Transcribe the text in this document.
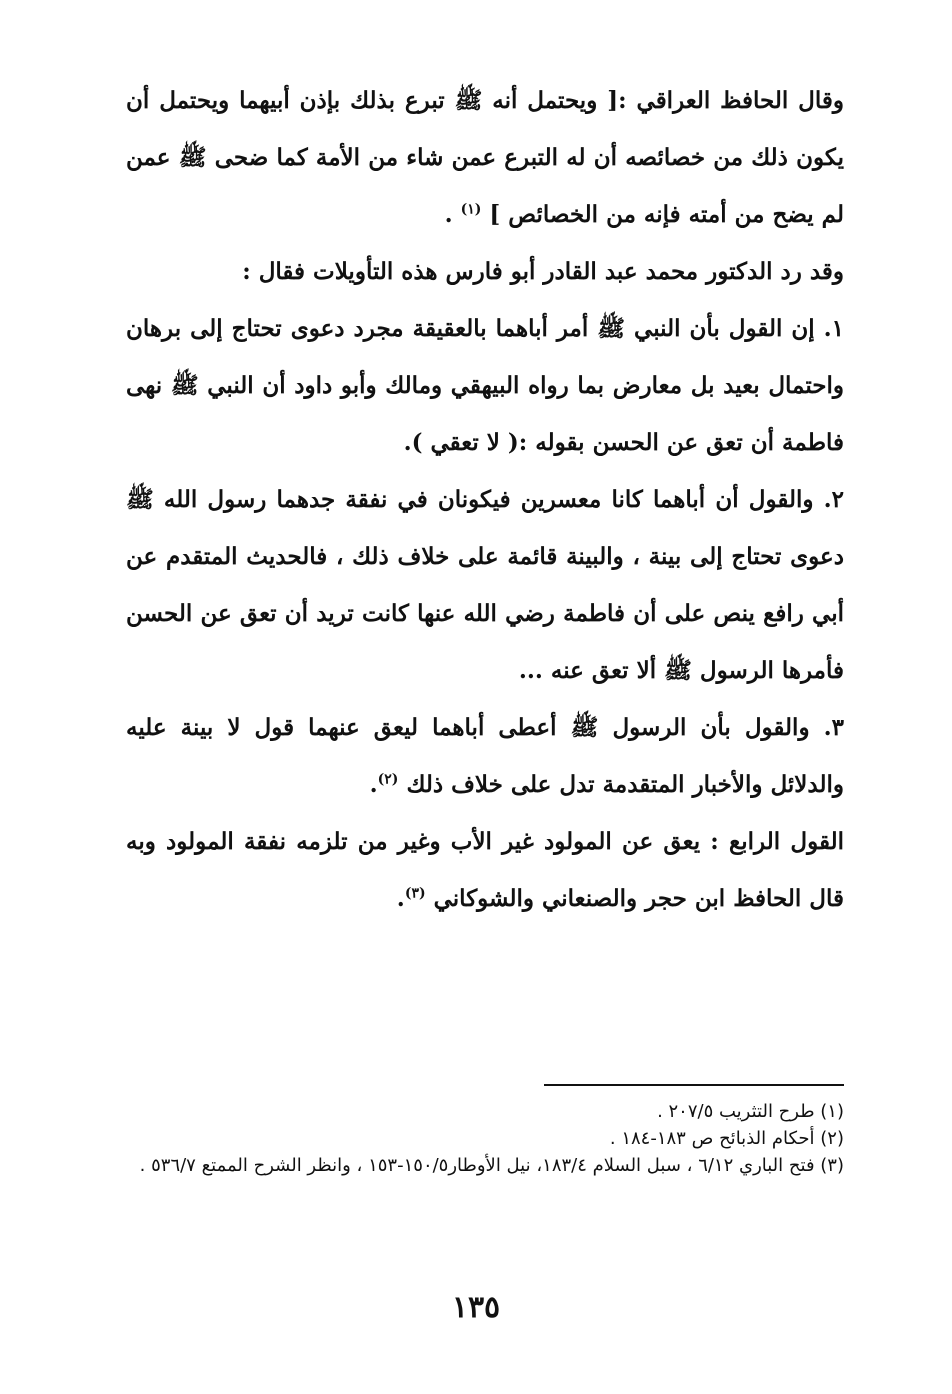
وقال الحافظ العراقي :[ ويحتمل أنه ﷺ تبرع بذلك بإذن أبيهما ويحتمل أن يكون ذلك من خصائصه أن له التبرع عمن شاء من الأمة كما ضحى ﷺ عمن لم يضح من أمته فإنه من الخصائص ] $^{(١)}$ .

وقد رد الدكتور محمد عبد القادر أبو فارس هذه التأويلات فقال :

١. إن القول بأن النبي ﷺ أمر أباهما بالعقيقة مجرد دعوى تحتاج إلى برهان واحتمال بعيد بل معارض بما رواه البيهقي ومالك وأبو داود أن النبي ﷺ نهى فاطمة أن تعق عن الحسن بقوله :( لا تعقي ).

٢. والقول أن أباهما كانا معسرين فيكونان في نفقة جدهما رسول الله ﷺ دعوى تحتاج إلى بينة ، والبينة قائمة على خلاف ذلك ، فالحديث المتقدم عن أبي رافع ينص على أن فاطمة رضي الله عنها كانت تريد أن تعق عن الحسن فأمرها الرسول ﷺ ألا تعق عنه ...

٣. والقول بأن الرسول ﷺ أعطى أباهما ليعق عنهما قول لا بينة عليه والدلائل والأخبار المتقدمة تدل على خلاف ذلك $^{(٢)}$.

القول الرابع : يعق عن المولود غير الأب وغير من تلزمه نفقة المولود وبه قال الحافظ ابن حجر والصنعاني والشوكاني $^{(٣)}$.

(١) طرح التثريب ٢٠٧/٥ .

(٢) أحكام الذبائح ص ١٨٣-١٨٤ .

(٣) فتح الباري ٦/١٢ ، سبل السلام ١٨٣/٤، نيل الأوطار١٥٠/٥-١٥٣ ، وانظر الشرح الممتع ٥٣٦/٧ .

١٣٥
